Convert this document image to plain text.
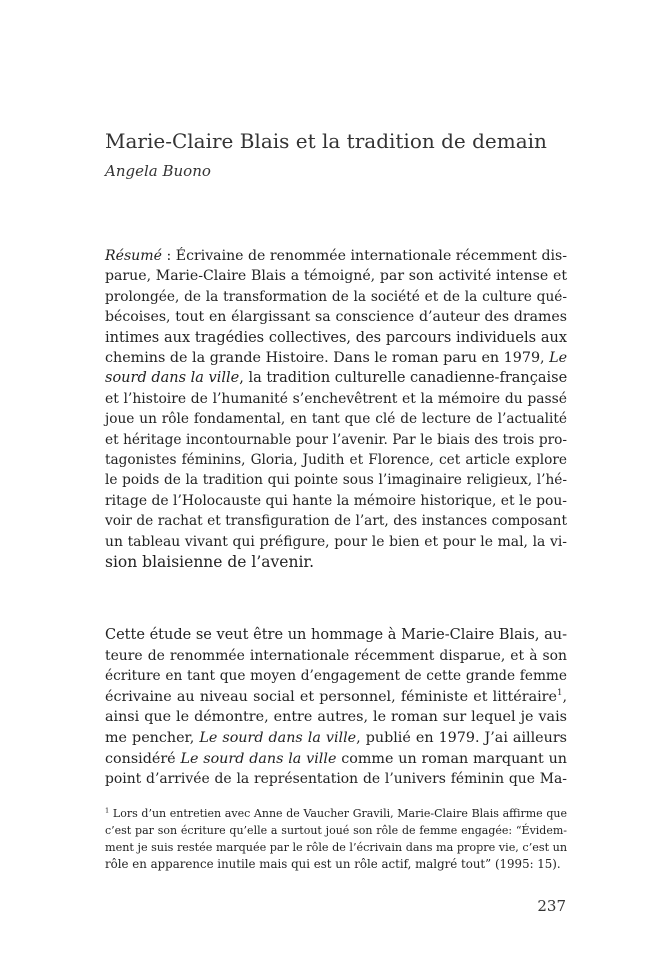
Marie-Claire Blais et la tradition de demain
Angela Buono
Résumé : Écrivaine de renommée internationale récemment dis-
parue, Marie-Claire Blais a témoigné, par son activité intense et
prolongée, de la transformation de la société et de la culture qué-
bécoises, tout en élargissant sa conscience d’auteur des drames
intimes aux tragédies collectives, des parcours individuels aux
chemins de la grande Histoire. Dans le roman paru en 1979, Le
sourd dans la ville, la tradition culturelle canadienne-française
et l’histoire de l’humanité s’enchevêtrent et la mémoire du passé
joue un rôle fondamental, en tant que clé de lecture de l’actualité
et héritage incontournable pour l’avenir. Par le biais des trois pro-
tagonistes féminins, Gloria, Judith et Florence, cet article explore
le poids de la tradition qui pointe sous l’imaginaire religieux, l’hé-
ritage de l’Holocauste qui hante la mémoire historique, et le pou-
voir de rachat et transfiguration de l’art, des instances composant
un tableau vivant qui préfigure, pour le bien et pour le mal, la vi-
sion blaisienne de l’avenir.
Cette étude se veut être un hommage à Marie-Claire Blais, au-
teure de renommée internationale récemment disparue, et à son
écriture en tant que moyen d’engagement de cette grande femme
écrivaine au niveau social et personnel, féministe et littéraire$^1$,
ainsi que le démontre, entre autres, le roman sur lequel je vais
me pencher, Le sourd dans la ville, publié en 1979. J’ai ailleurs
considéré Le sourd dans la ville comme un roman marquant un
point d’arrivée de la représentation de l’univers féminin que Ma-
$^1$ Lors d’un entretien avec Anne de Vaucher Gravili, Marie-Claire Blais affirme que
c’est par son écriture qu’elle a surtout joué son rôle de femme engagée: “Évidem-
ment je suis restée marquée par le rôle de l’écrivain dans ma propre vie, c’est un
rôle en apparence inutile mais qui est un rôle actif, malgré tout” (1995: 15).
237
